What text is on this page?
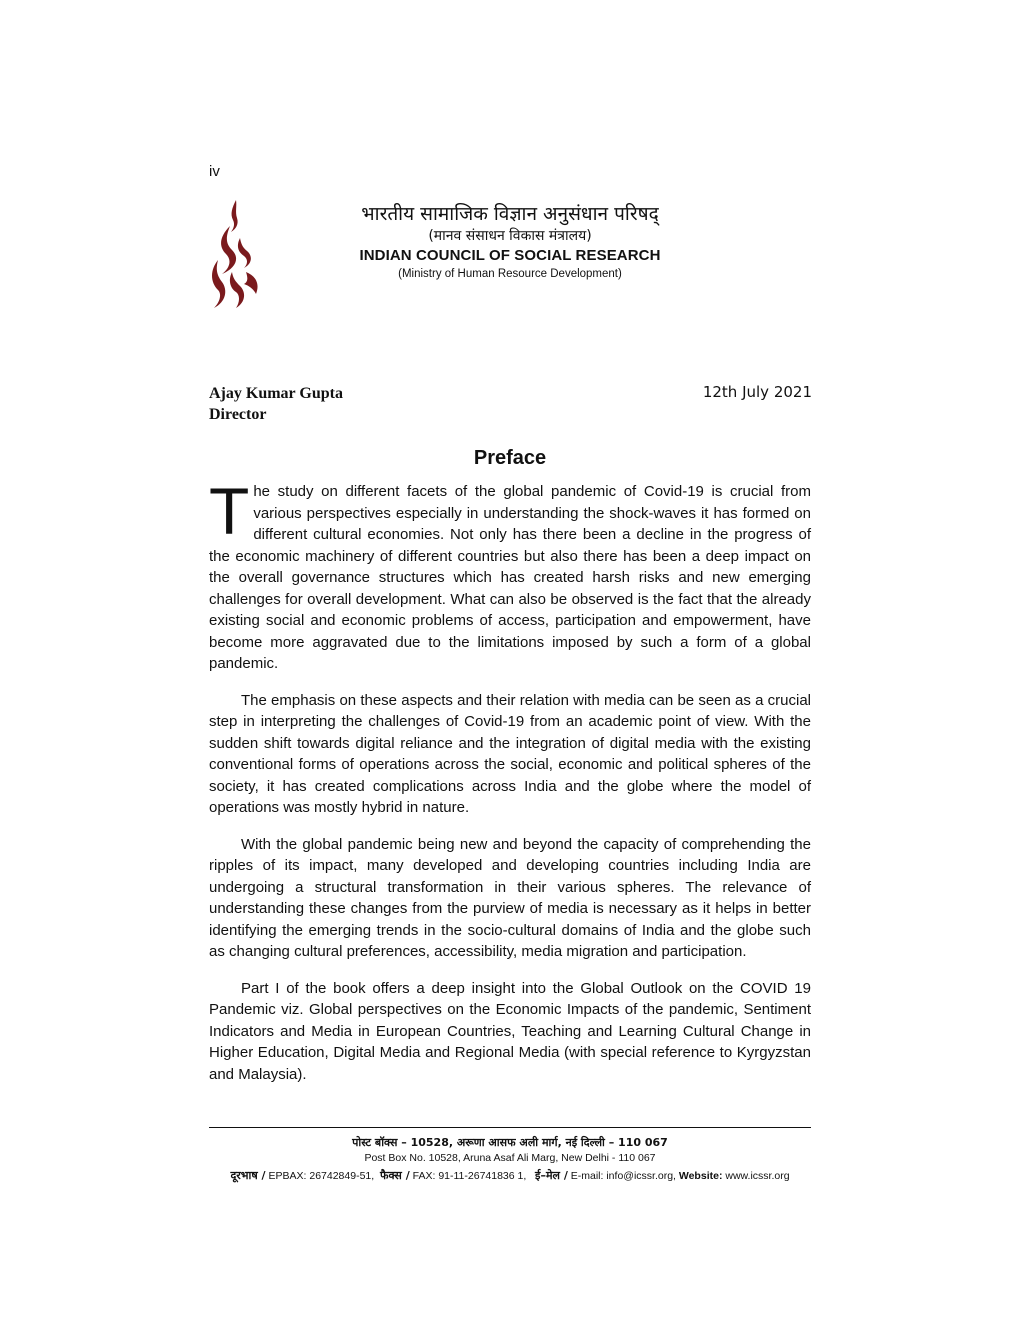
iv
भारतीय सामाजिक विज्ञान अनुसंधान परिषद्
(मानव संसाधन विकास मंत्रालय)
INDIAN COUNCIL OF SOCIAL RESEARCH
(Ministry of Human Resource Development)
Ajay Kumar Gupta
Director
12th July 2021
Preface

The study on different facets of the global pandemic of Covid-19 is crucial from various perspectives especially in understanding the shock-waves it has formed on different cultural economies. Not only has there been a decline in the progress of the economic machinery of different countries but also there has been a deep impact on the overall governance structures which has created harsh risks and new emerging challenges for overall development. What can also be observed is the fact that the already existing social and economic problems of access, participation and empowerment, have become more aggravated due to the limitations imposed by such a form of a global pandemic.

The emphasis on these aspects and their relation with media can be seen as a crucial step in interpreting the challenges of Covid-19 from an academic point of view. With the sudden shift towards digital reliance and the integration of digital media with the existing conventional forms of operations across the social, economic and political spheres of the society, it has created complications across India and the globe where the model of operations was mostly hybrid in nature.

With the global pandemic being new and beyond the capacity of comprehending the ripples of its impact, many developed and developing countries including India are undergoing a structural transformation in their various spheres. The relevance of understanding these changes from the purview of media is necessary as it helps in better identifying the emerging trends in the socio-cultural domains of India and the globe such as changing cultural preferences, accessibility, media migration and participation.

Part I of the book offers a deep insight into the Global Outlook on the COVID 19 Pandemic viz. Global perspectives on the Economic Impacts of the pandemic, Sentiment Indicators and Media in European Countries, Teaching and Learning Cultural Change in Higher Education, Digital Media and Regional Media (with special reference to Kyrgyzstan and Malaysia).

पोस्ट बॉक्स – 10528, अरूणा आसफ अली मार्ग, नई दिल्ली – 110 067
Post Box No. 10528, Aruna Asaf Ali Marg, New Delhi - 110 067
दूरभाष / EPBAX: 26742849-51, फैक्स / FAX: 91-11-26741836 1, ई–मेल / E-mail: info@icssr.org, Website: www.icssr.org
